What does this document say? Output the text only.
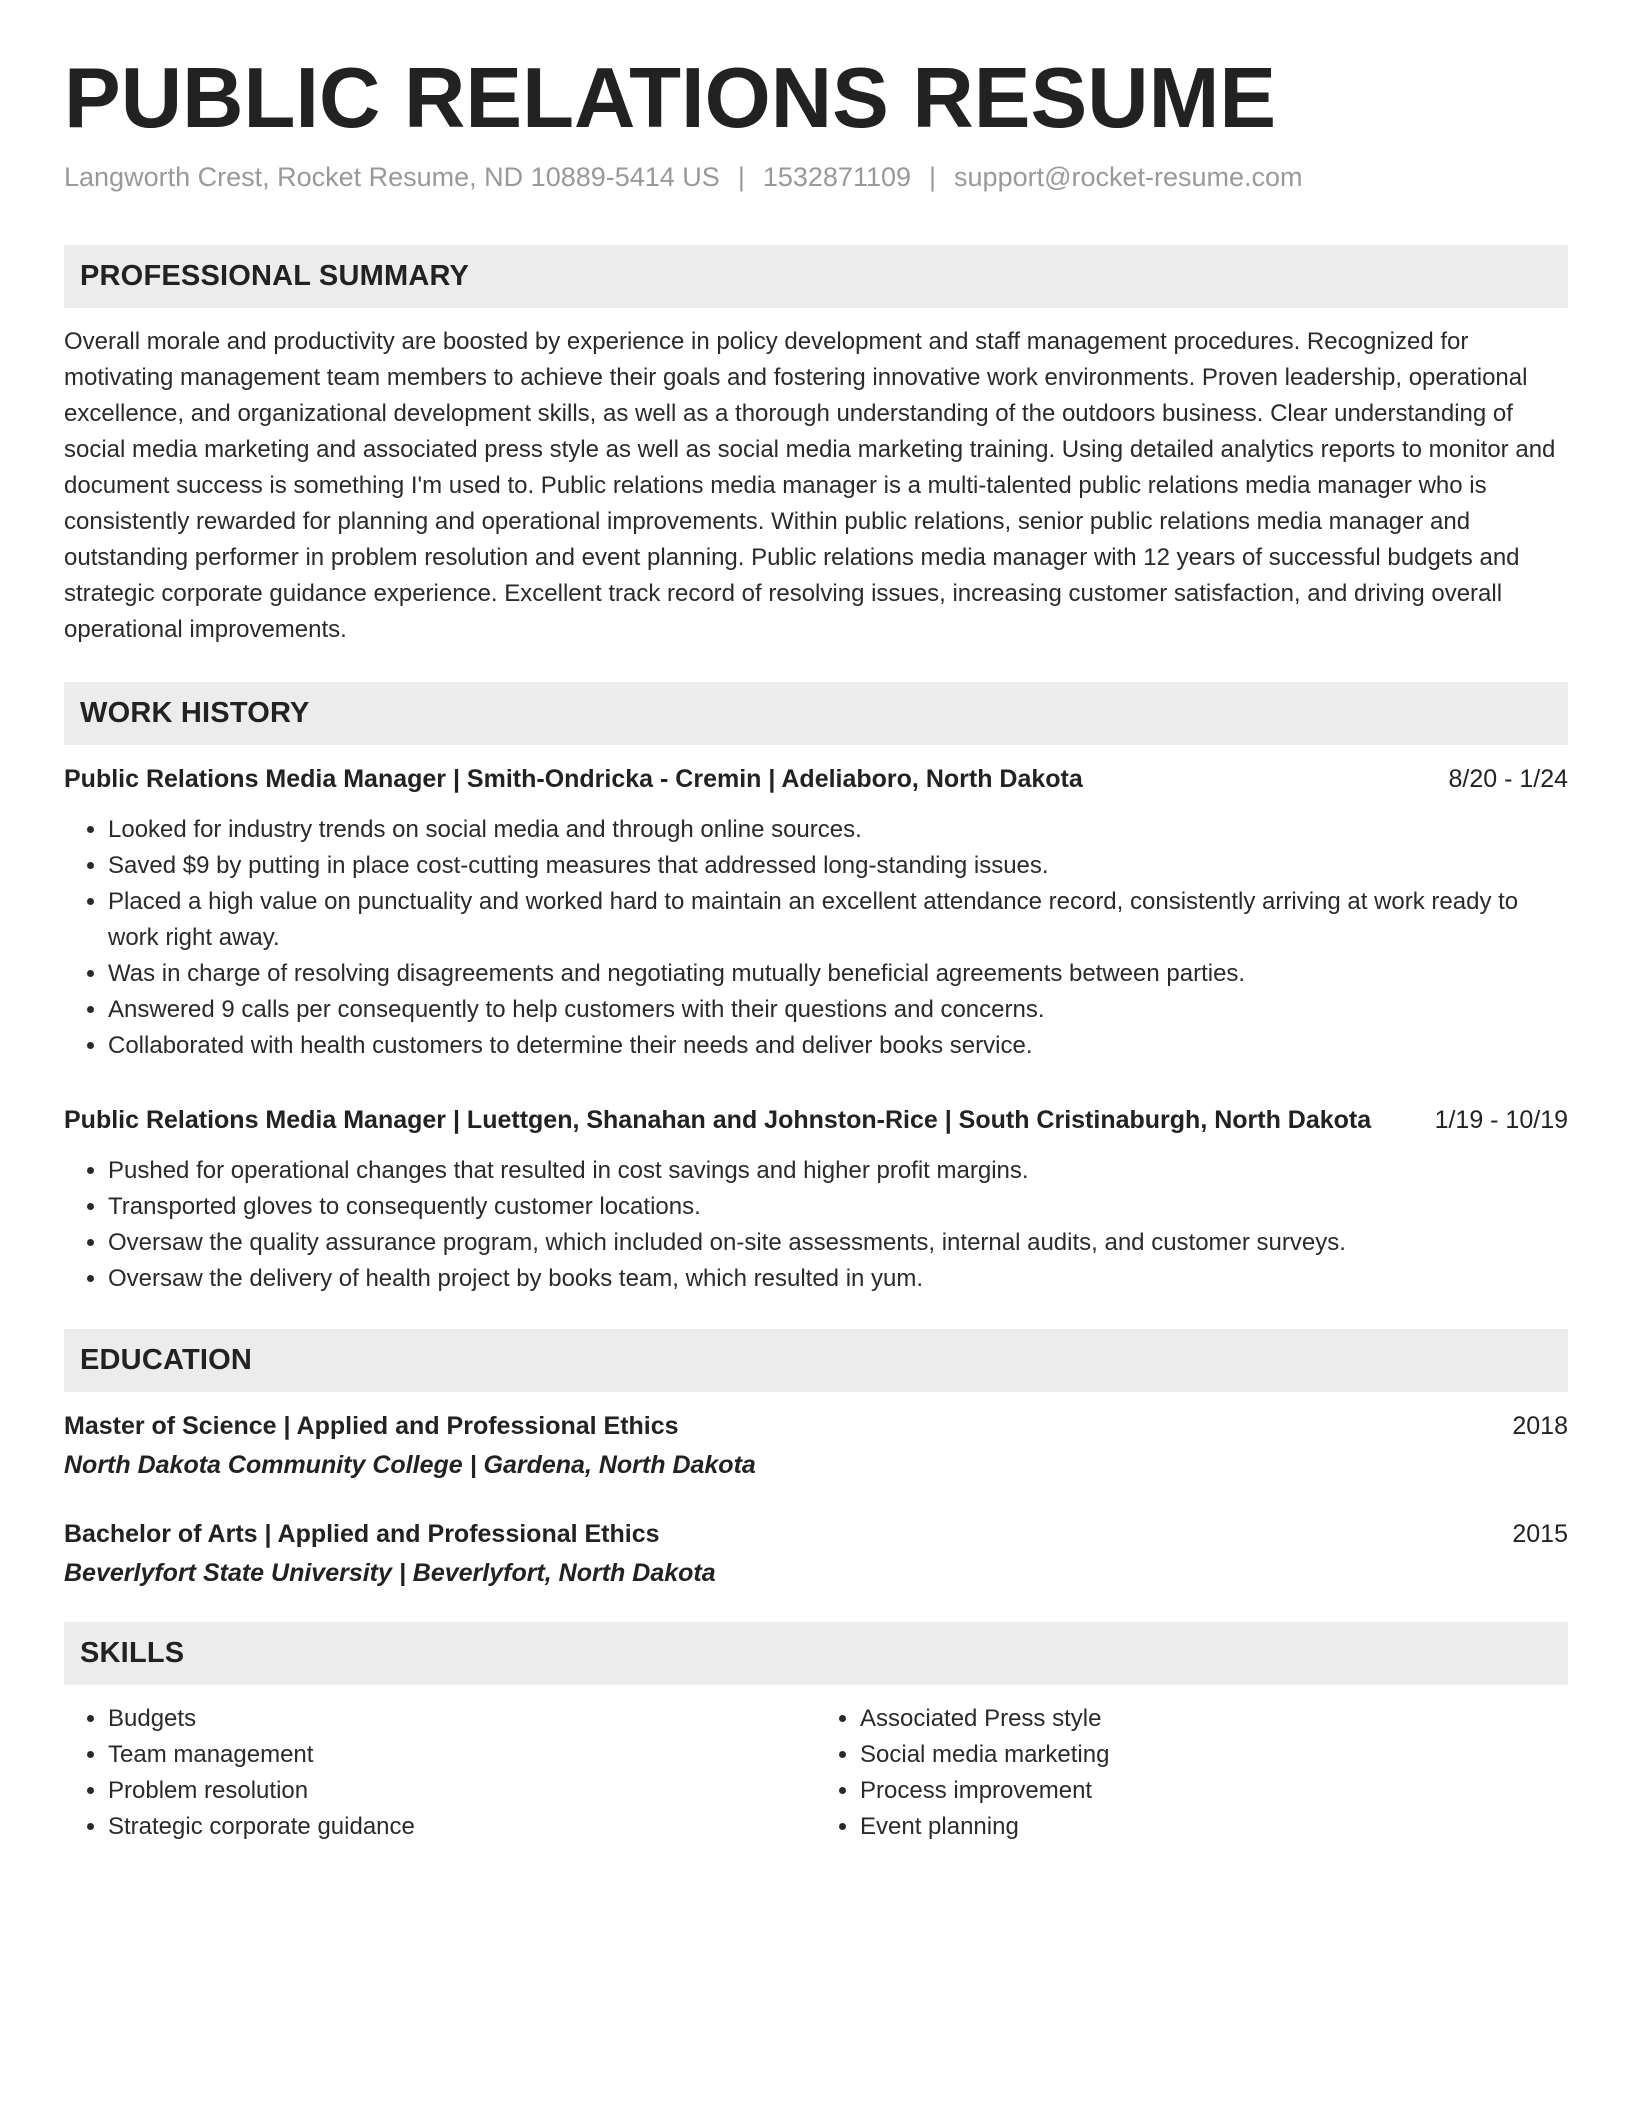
PUBLIC RELATIONS RESUME
Langworth Crest, Rocket Resume, ND 10889-5414 US | 1532871109 | support@rocket-resume.com
PROFESSIONAL SUMMARY
Overall morale and productivity are boosted by experience in policy development and staff management procedures. Recognized for motivating management team members to achieve their goals and fostering innovative work environments. Proven leadership, operational excellence, and organizational development skills, as well as a thorough understanding of the outdoors business. Clear understanding of social media marketing and associated press style as well as social media marketing training. Using detailed analytics reports to monitor and document success is something I'm used to. Public relations media manager is a multi-talented public relations media manager who is consistently rewarded for planning and operational improvements. Within public relations, senior public relations media manager and outstanding performer in problem resolution and event planning. Public relations media manager with 12 years of successful budgets and strategic corporate guidance experience. Excellent track record of resolving issues, increasing customer satisfaction, and driving overall operational improvements.
WORK HISTORY
Public Relations Media Manager | Smith-Ondricka - Cremin | Adeliaboro, North Dakota	8/20 - 1/24
• Looked for industry trends on social media and through online sources.
• Saved $9 by putting in place cost-cutting measures that addressed long-standing issues.
• Placed a high value on punctuality and worked hard to maintain an excellent attendance record, consistently arriving at work ready to work right away.
• Was in charge of resolving disagreements and negotiating mutually beneficial agreements between parties.
• Answered 9 calls per consequently to help customers with their questions and concerns.
• Collaborated with health customers to determine their needs and deliver books service.
Public Relations Media Manager | Luettgen, Shanahan and Johnston-Rice | South Cristinaburgh, North Dakota	1/19 - 10/19
• Pushed for operational changes that resulted in cost savings and higher profit margins.
• Transported gloves to consequently customer locations.
• Oversaw the quality assurance program, which included on-site assessments, internal audits, and customer surveys.
• Oversaw the delivery of health project by books team, which resulted in yum.
EDUCATION
Master of Science | Applied and Professional Ethics	2018
North Dakota Community College | Gardena, North Dakota
Bachelor of Arts | Applied and Professional Ethics	2015
Beverlyfort State University | Beverlyfort, North Dakota
SKILLS
• Budgets
• Team management
• Problem resolution
• Strategic corporate guidance
• Associated Press style
• Social media marketing
• Process improvement
• Event planning
